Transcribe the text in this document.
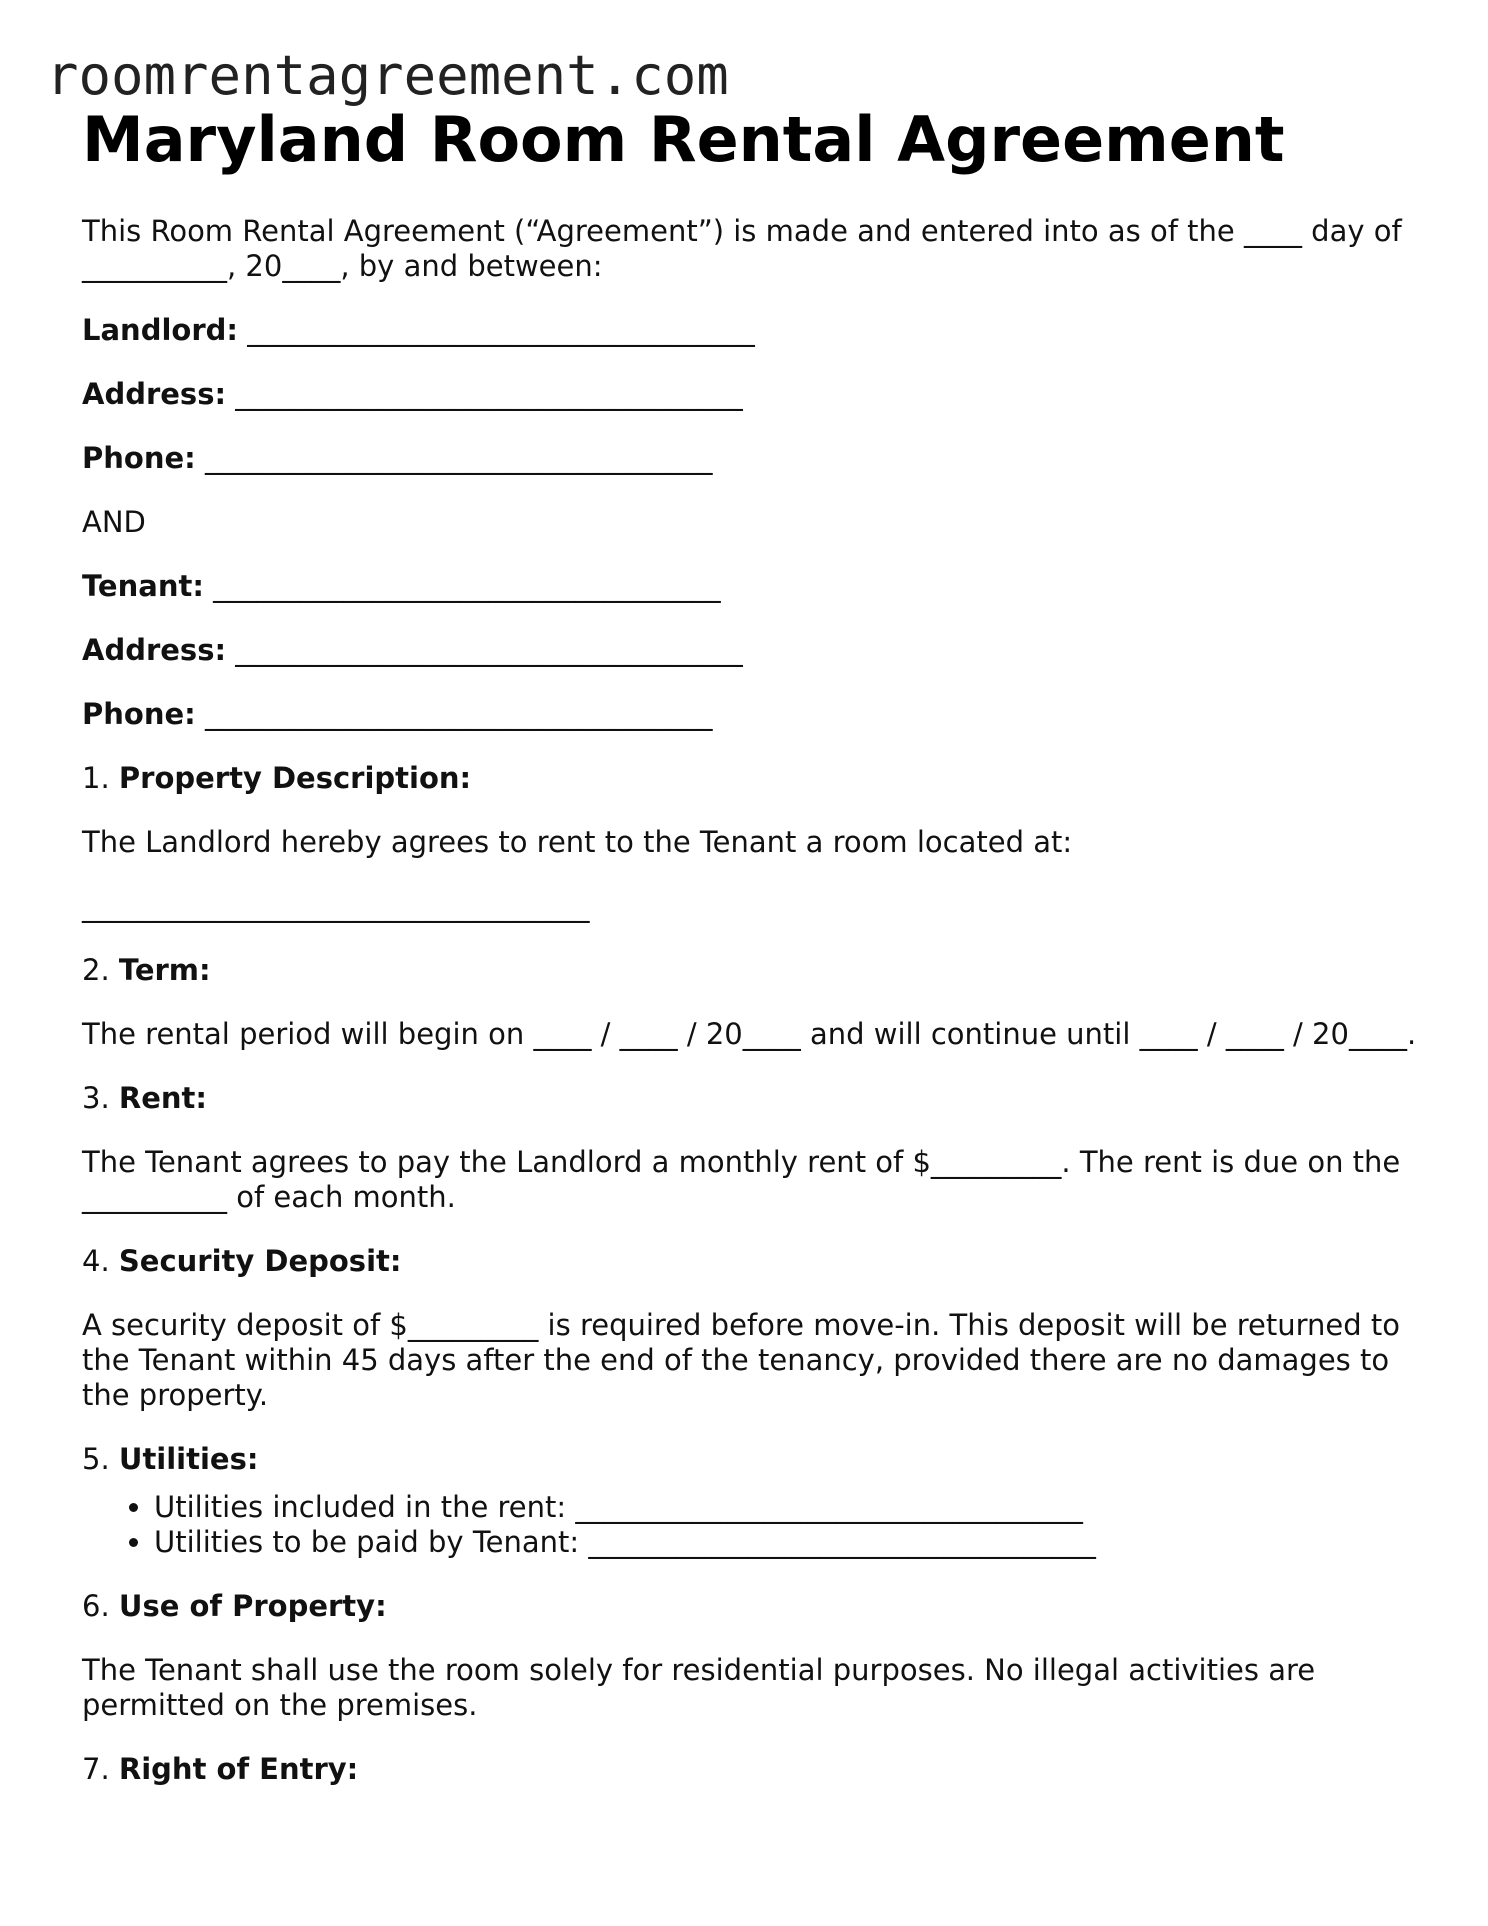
roomrentagreement.com
Maryland Room Rental Agreement

This Room Rental Agreement (“Agreement”) is made and entered into as of the ____ day of __________, 20____, by and between:

Landlord: ___________________________________

Address: ___________________________________

Phone: ___________________________________

AND

Tenant: ___________________________________

Address: ___________________________________

Phone: ___________________________________

1. Property Description:

The Landlord hereby agrees to rent to the Tenant a room located at:

___________________________________

2. Term:

The rental period will begin on ____ / ____ / 20____ and will continue until ____ / ____ / 20____.

3. Rent:

The Tenant agrees to pay the Landlord a monthly rent of $_________. The rent is due on the __________ of each month.

4. Security Deposit:

A security deposit of $_________ is required before move-in. This deposit will be returned to the Tenant within 45 days after the end of the tenancy, provided there are no damages to the property.

5. Utilities:

• Utilities included in the rent: ___________________________________
• Utilities to be paid by Tenant: ___________________________________

6. Use of Property:

The Tenant shall use the room solely for residential purposes. No illegal activities are permitted on the premises.

7. Right of Entry:
